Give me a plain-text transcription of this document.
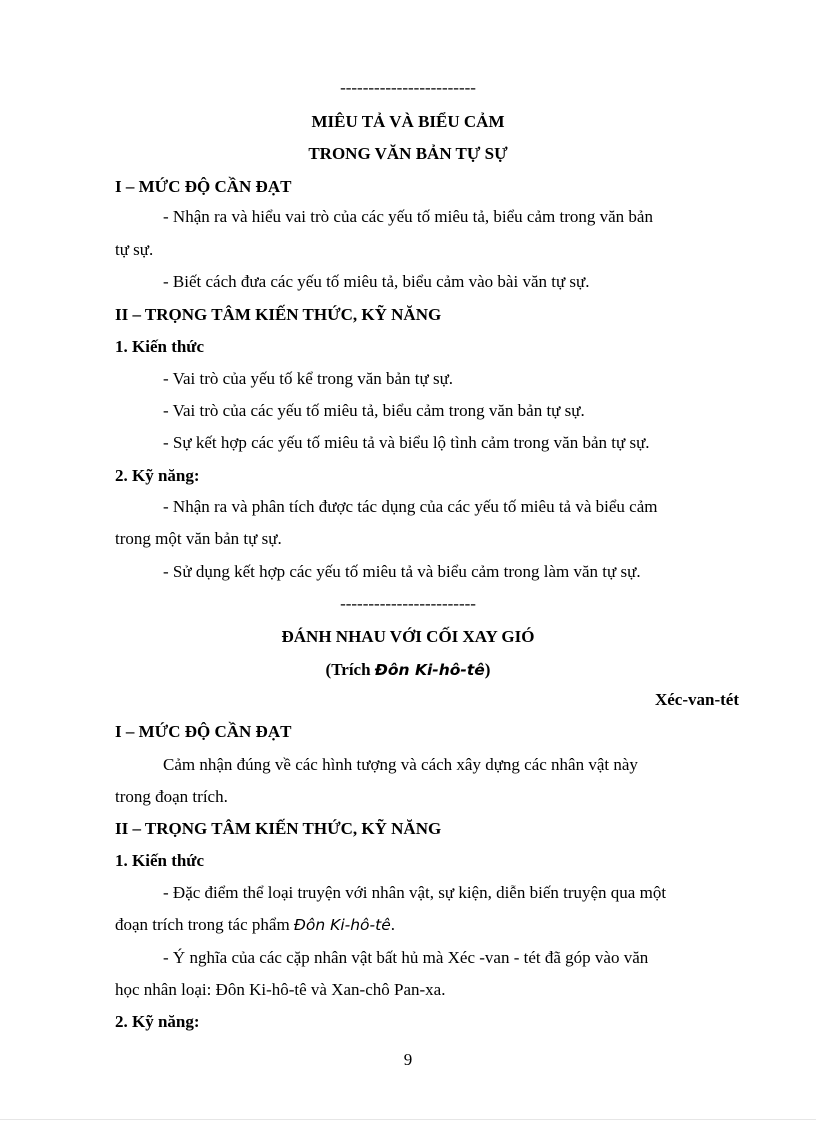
------------------------
MIÊU TẢ VÀ BIỂU CẢM
TRONG VĂN BẢN TỰ SỰ
I – MỨC ĐỘ CẦN ĐẠT
- Nhận ra và hiểu vai trò của các yếu tố miêu tả, biểu cảm trong văn bản
tự sự.
- Biết cách đưa các yếu tố miêu tả, biểu cảm vào bài văn tự sự.
II – TRỌNG TÂM KIẾN THỨC, KỸ NĂNG
1. Kiến thức
- Vai trò của yếu tố kể trong văn bản tự sự.
- Vai trò của các yếu tố miêu tả, biểu cảm trong văn bản tự sự.
- Sự kết hợp các yếu tố miêu tả và biểu lộ tình cảm trong văn bản tự sự.
2. Kỹ năng:
- Nhận ra và phân tích được tác dụng của các yếu tố miêu tả và biểu cảm
trong một văn bản tự sự.
- Sử dụng kết hợp các yếu tố miêu tả và biểu cảm trong làm văn tự sự.
------------------------
ĐÁNH NHAU VỚI CỐI XAY GIÓ
(Trích Đôn Ki-hô-tê)
Xéc-van-tét
I – MỨC ĐỘ CẦN ĐẠT
Cảm nhận đúng về các hình tượng và cách xây dựng các nhân vật này
trong đoạn trích.
II – TRỌNG TÂM KIẾN THỨC, KỸ NĂNG
1. Kiến thức
- Đặc điểm thể loại truyện với nhân vật, sự kiện, diễn biến truyện qua một
đoạn trích trong tác phẩm Đôn Ki-hô-tê.
- Ý nghĩa của các cặp nhân vật bất hủ mà Xéc -van - tét đã góp vào văn
học nhân loại: Đôn Ki-hô-tê và Xan-chô Pan-xa.
2. Kỹ năng:
9
